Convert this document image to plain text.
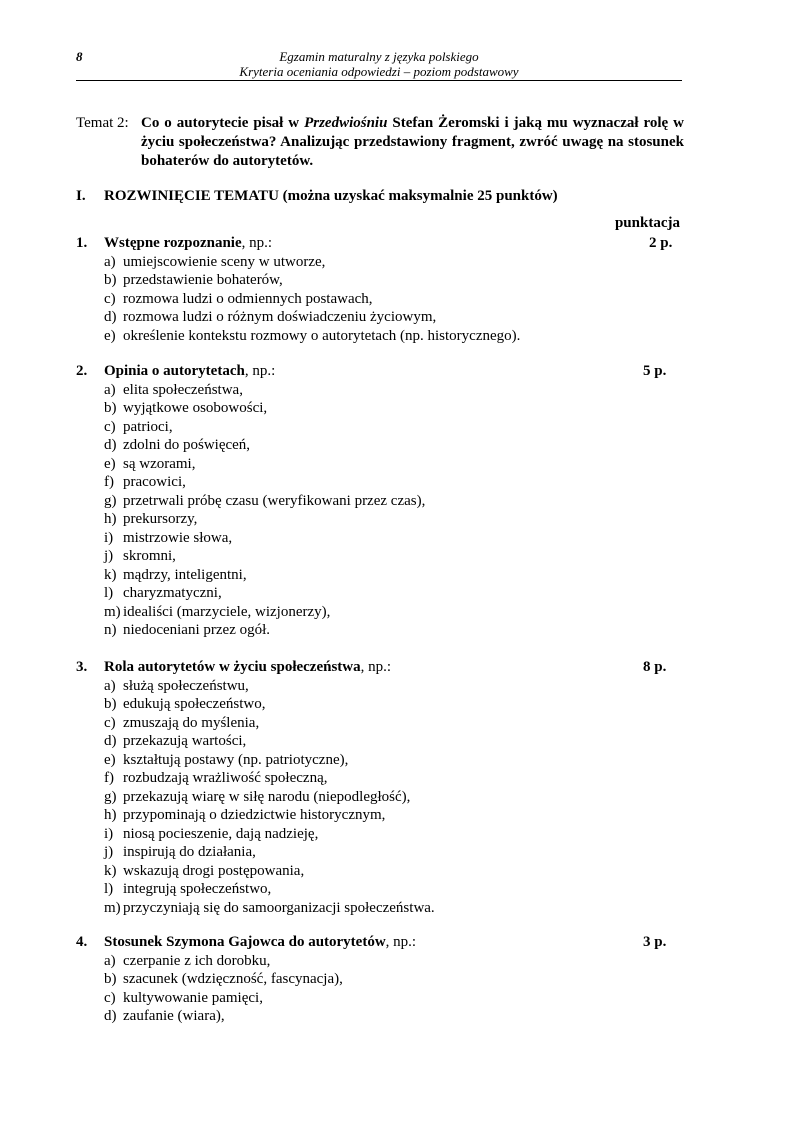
8	Egzamin maturalny z języka polskiego
Kryteria oceniania odpowiedzi – poziom podstawowy
Temat 2: Co o autorytecie pisał w Przedwiośniu Stefan Żeromski i jaką mu wyznaczał rolę w życiu społeczeństwa? Analizując przedstawiony fragment, zwróć uwagę na stosunek bohaterów do autorytetów.
I. ROZWINIĘCIE TEMATU (można uzyskać maksymalnie 25 punktów)
punktacja
1. Wstępne rozpoznanie, np.:	2 p.
a) umiejscowienie sceny w utworze,
b) przedstawienie bohaterów,
c) rozmowa ludzi o odmiennych postawach,
d) rozmowa ludzi o różnym doświadczeniu życiowym,
e) określenie kontekstu rozmowy o autorytetach (np. historycznego).
2. Opinia o autorytetach, np.:	5 p.
a) elita społeczeństwa,
b) wyjątkowe osobowości,
c) patrioci,
d) zdolni do poświęceń,
e) są wzorami,
f) pracowici,
g) przetrwali próbę czasu (weryfikowani przez czas),
h) prekursorzy,
i) mistrzowie słowa,
j) skromni,
k) mądrzy, inteligentni,
l) charyzmatyczni,
m) idealiści (marzyciele, wizjonerzy),
n) niedoceniani przez ogół.
3. Rola autorytetów w życiu społeczeństwa, np.:	8 p.
a) służą społeczeństwu,
b) edukują społeczeństwo,
c) zmuszają do myślenia,
d) przekazują wartości,
e) kształtują postawy (np. patriotyczne),
f) rozbudzają wrażliwość społeczną,
g) przekazują wiarę w siłę narodu (niepodległość),
h) przypominają o dziedzictwie historycznym,
i) niosą pocieszenie, dają nadzieję,
j) inspirują do działania,
k) wskazują drogi postępowania,
l) integrują społeczeństwo,
m) przyczyniają się do samoorganizacji społeczeństwa.
4. Stosunek Szymona Gajowca do autorytetów, np.:	3 p.
a) czerpanie z ich dorobku,
b) szacunek (wdzięczność, fascynacja),
c) kultywowanie pamięci,
d) zaufanie (wiara),
